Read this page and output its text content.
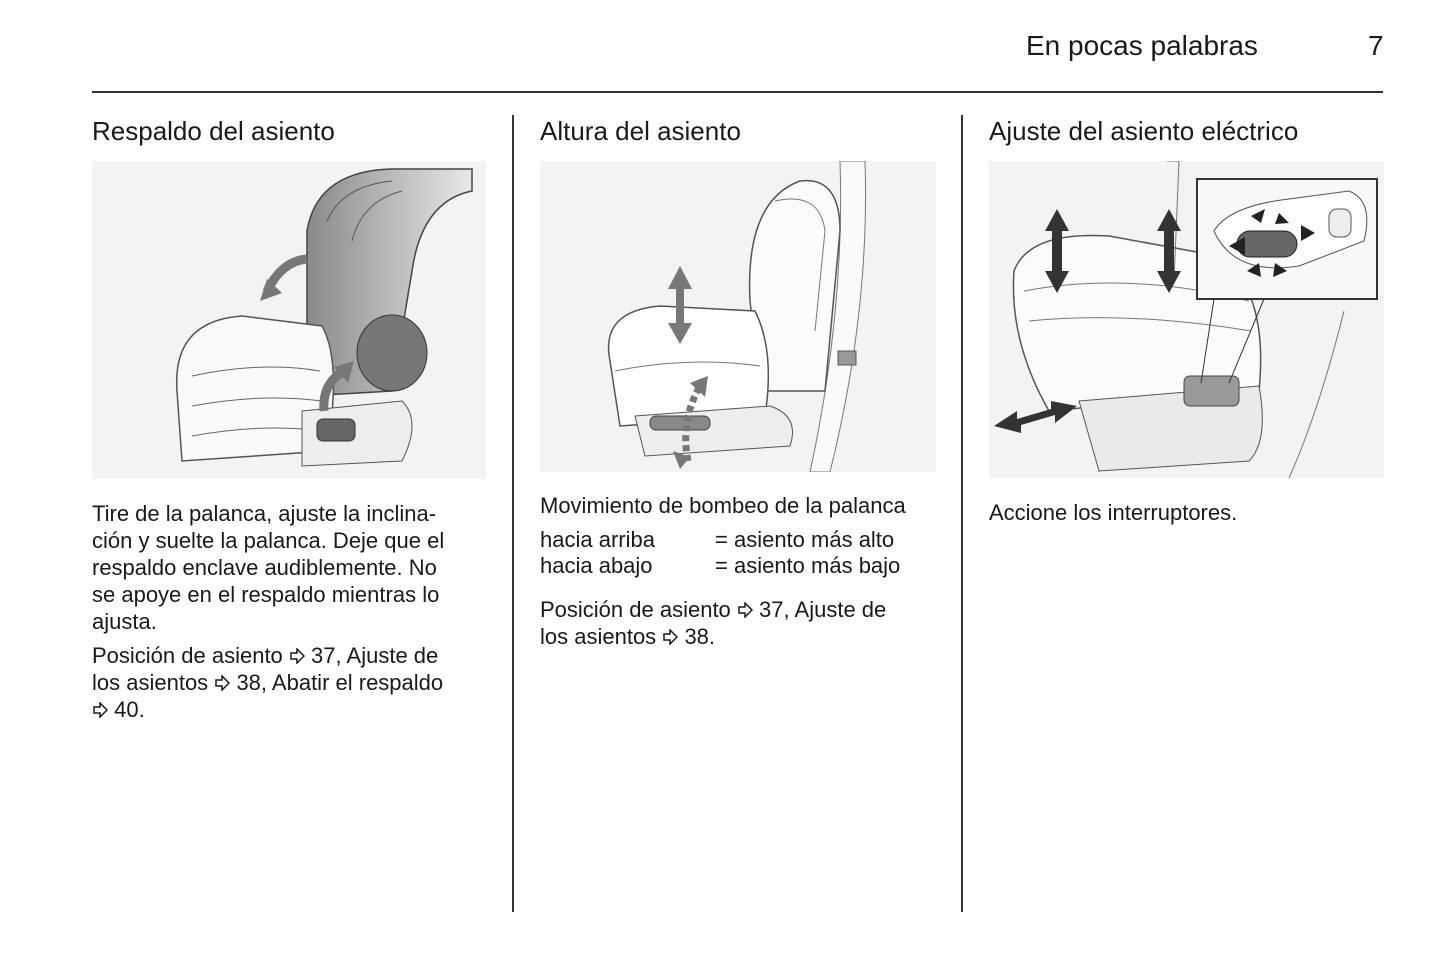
En pocas palabras	7
Respaldo del asiento

Tire de la palanca, ajuste la inclina-
ción y suelte la palanca. Deje que el
respaldo enclave audiblemente. No
se apoye en el respaldo mientras lo
ajusta.

Posición de asiento 37, Ajuste de
los asientos 38, Abatir el respaldo
40.

Altura del asiento

Movimiento de bombeo de la palanca

hacia arriba	= asiento más alto
hacia abajo	= asiento más bajo

Posición de asiento 37, Ajuste de
los asientos 38.

Ajuste del asiento eléctrico

Accione los interruptores.
